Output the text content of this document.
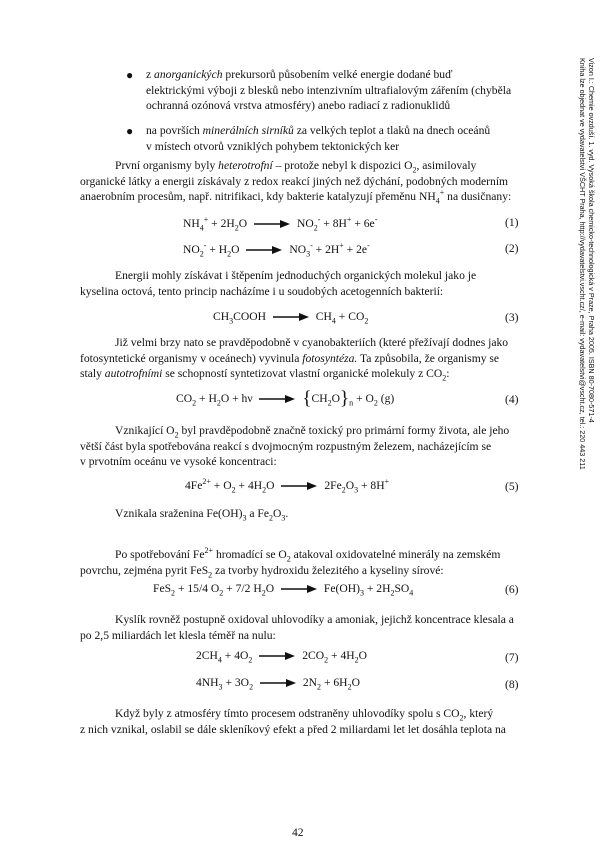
Vizon I.: Chemie ovzduší. 1. vyd. Vysoká škola chemicko-technologická v Praze, Praha 2005. ISBN 80-7080-571-4
Kniha lze objednat ve vydavatelství VŠCHT Praha, http://vydavatelstvi.vscht.cz/, e-mail: vydavatelstvi@vscht.cz, tel.: 220 443 211
● z anorganických prekursorů působením velké energie dodané buď
elektrickými výboji z blesků nebo intenzivním ultrafialovým zářením (chyběla
ochranná ozónová vrstva atmosféry) anebo radiací z radionuklidů

● na površích minerálních sirníků za velkých teplot a tlaků na dnech oceánů
v místech otvorů vzniklých pohybem tektonických ker

První organismy byly heterotrofní – protože nebyl k dispozici $O_2$, asimilovaly
organické látky a energii získávaly z redox reakcí jiných než dýchání, podobných moderním
anaerobním procesům, např. nitrifikaci, kdy bakterie katalyzují přeměnu $NH_4^+$ na dusičnany:

$NH_4^+ + 2H_2O \to NO_2^- + 8H^+ + 6e^-$	(1)
$NO_2^- + H_2O \to NO_3^- + 2H^+ + 2e^-$	(2)

Energii mohly získávat i štěpením jednoduchých organických molekul jako je
kyselina octová, tento princip nacházíme i u soudobých acetogenních bakterií:

$CH_3COOH \to CH_4 + CO_2$	(3)

Již velmi brzy nato se pravděpodobně v cyanobakteriích (které přežívají dodnes jako
fotosyntetické organismy v oceánech) vyvinula fotosyntéza. Ta způsobila, že organismy se
staly autotrofními se schopností syntetizovat vlastní organické molekuly z $CO_2$:

$CO_2 + H_2O + h\nu \to \{CH_2O\}_n + O_2$ (g)	(4)

Vznikající $O_2$ byl pravděpodobně značně toxický pro primární formy života, ale jeho
větší část byla spotřebována reakcí s dvojmocným rozpustným železem, nacházejícím se
v prvotním oceánu ve vysoké koncentraci:

$4Fe^{2+} + O_2 + 4H_2O \to 2Fe_2O_3 + 8H^+$	(5)

Vznikala sraženina $Fe(OH)_3$ a $Fe_2O_3$.

Po spotřebování $Fe^{2+}$ hromadící se $O_2$ atakoval oxidovatelné minerály na zemském
povrchu, zejména pyrit FeS$_2$ za tvorby hydroxidu železitého a kyseliny sírové:

FeS$_2$ + 15/4 $O_2 + 7/2$ $H_2O \to Fe(OH)_3 + 2H_2SO_4$	(6)

Kyslík rovněž postupně oxidoval uhlovodíky a amoniak, jejichž koncentrace klesala a
po 2,5 miliardách let klesla téměř na nulu:

$2CH_4 + 4O_2 \to 2CO_2 + 4H_2O$	(7)
$4NH_3 + 3O_2 \to 2N_2 + 6H_2O$	(8)

Když byly z atmosféry tímto procesem odstraněny uhlovodíky spolu s $CO_2$, který
z nich vznikal, oslabil se dále skleníkový efekt a před 2 miliardami let let dosáhla teplota na

42
